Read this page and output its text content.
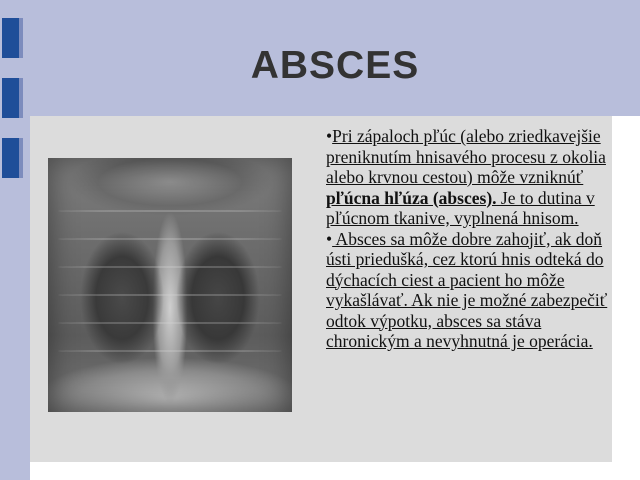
ABSCES

•Pri zápaloch pľúc (alebo zriedkavejšie preniknutím hnisavého procesu z okolia alebo krvnou cestou) môže vzniknúť pľúcna hľúza (absces). Je to dutina v pľúcnom tkanive, vyplnená hnisom.

• Absces sa môže dobre zahojiť, ak doň ústi priedušká, cez ktorú hnis odteká do dýchacích ciest a pacient ho môže vykašlávať. Ak nie je možné zabezpečiť odtok výpotku, absces sa stáva chronickým a nevyhnutná je operácia.
